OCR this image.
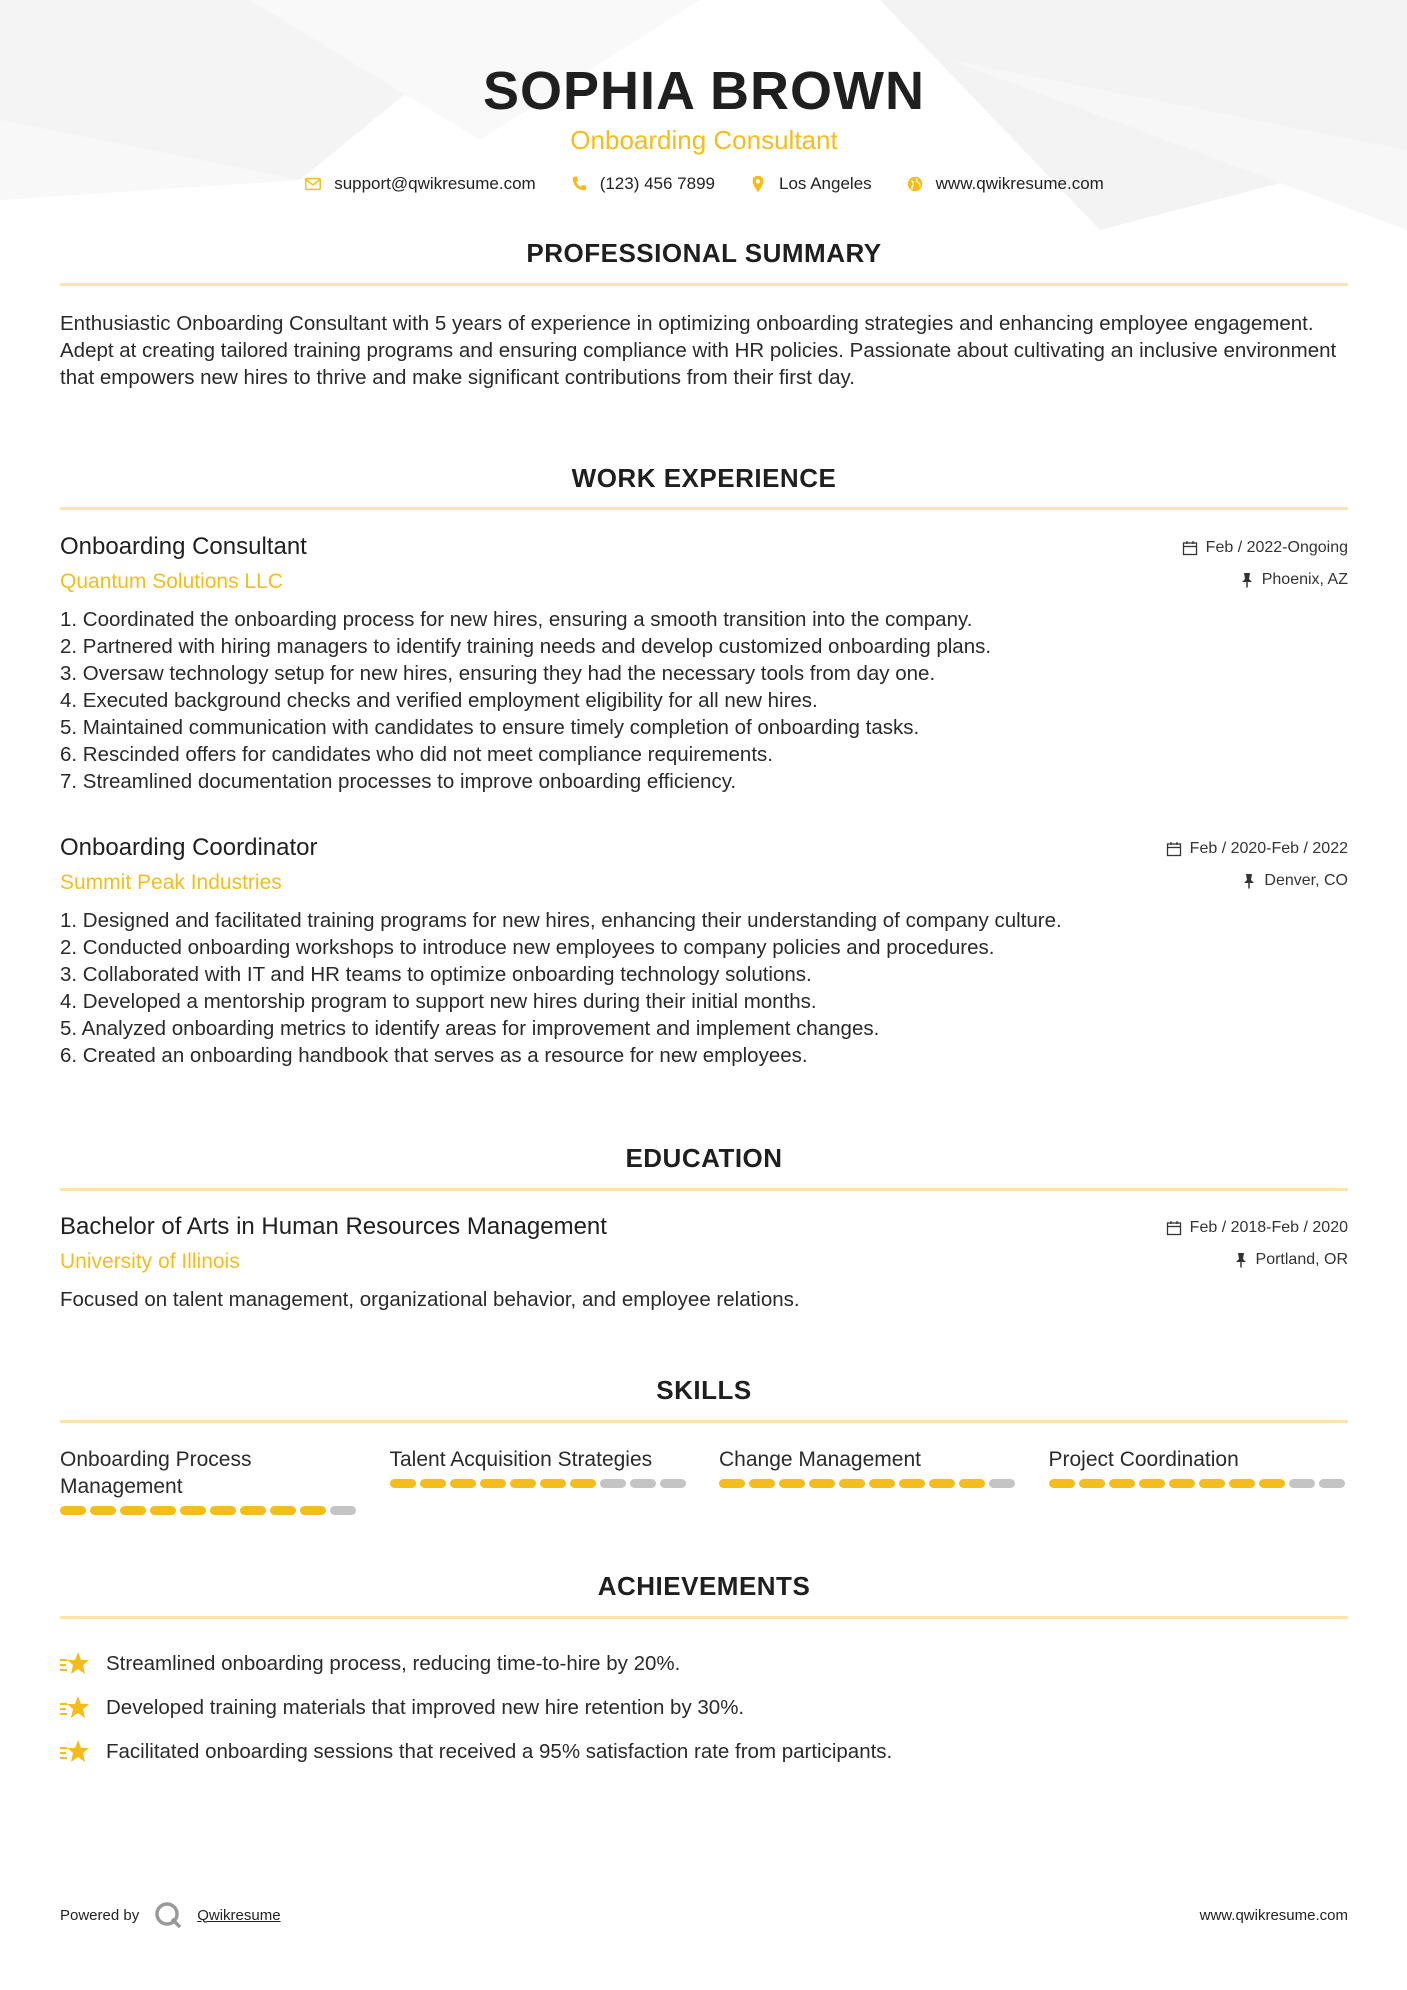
SOPHIA BROWN
Onboarding Consultant
support@qwikresume.com	(123) 456 7899	Los Angeles	www.qwikresume.com
PROFESSIONAL SUMMARY
Enthusiastic Onboarding Consultant with 5 years of experience in optimizing onboarding strategies and enhancing employee engagement. Adept at creating tailored training programs and ensuring compliance with HR policies. Passionate about cultivating an inclusive environment that empowers new hires to thrive and make significant contributions from their first day.
WORK EXPERIENCE
Onboarding Consultant
Quantum Solutions LLC
Feb / 2022-Ongoing
Phoenix, AZ
1. Coordinated the onboarding process for new hires, ensuring a smooth transition into the company.
2. Partnered with hiring managers to identify training needs and develop customized onboarding plans.
3. Oversaw technology setup for new hires, ensuring they had the necessary tools from day one.
4. Executed background checks and verified employment eligibility for all new hires.
5. Maintained communication with candidates to ensure timely completion of onboarding tasks.
6. Rescinded offers for candidates who did not meet compliance requirements.
7. Streamlined documentation processes to improve onboarding efficiency.
Onboarding Coordinator
Summit Peak Industries
Feb / 2020-Feb / 2022
Denver, CO
1. Designed and facilitated training programs for new hires, enhancing their understanding of company culture.
2. Conducted onboarding workshops to introduce new employees to company policies and procedures.
3. Collaborated with IT and HR teams to optimize onboarding technology solutions.
4. Developed a mentorship program to support new hires during their initial months.
5. Analyzed onboarding metrics to identify areas for improvement and implement changes.
6. Created an onboarding handbook that serves as a resource for new employees.
EDUCATION
Bachelor of Arts in Human Resources Management
University of Illinois
Feb / 2018-Feb / 2020
Portland, OR
Focused on talent management, organizational behavior, and employee relations.
SKILLS
Onboarding Process Management
Talent Acquisition Strategies	Change Management	Project Coordination
ACHIEVEMENTS
Streamlined onboarding process, reducing time-to-hire by 20%.
Developed training materials that improved new hire retention by 30%.
Facilitated onboarding sessions that received a 95% satisfaction rate from participants.
Powered by	Qwikresume	www.qwikresume.com
